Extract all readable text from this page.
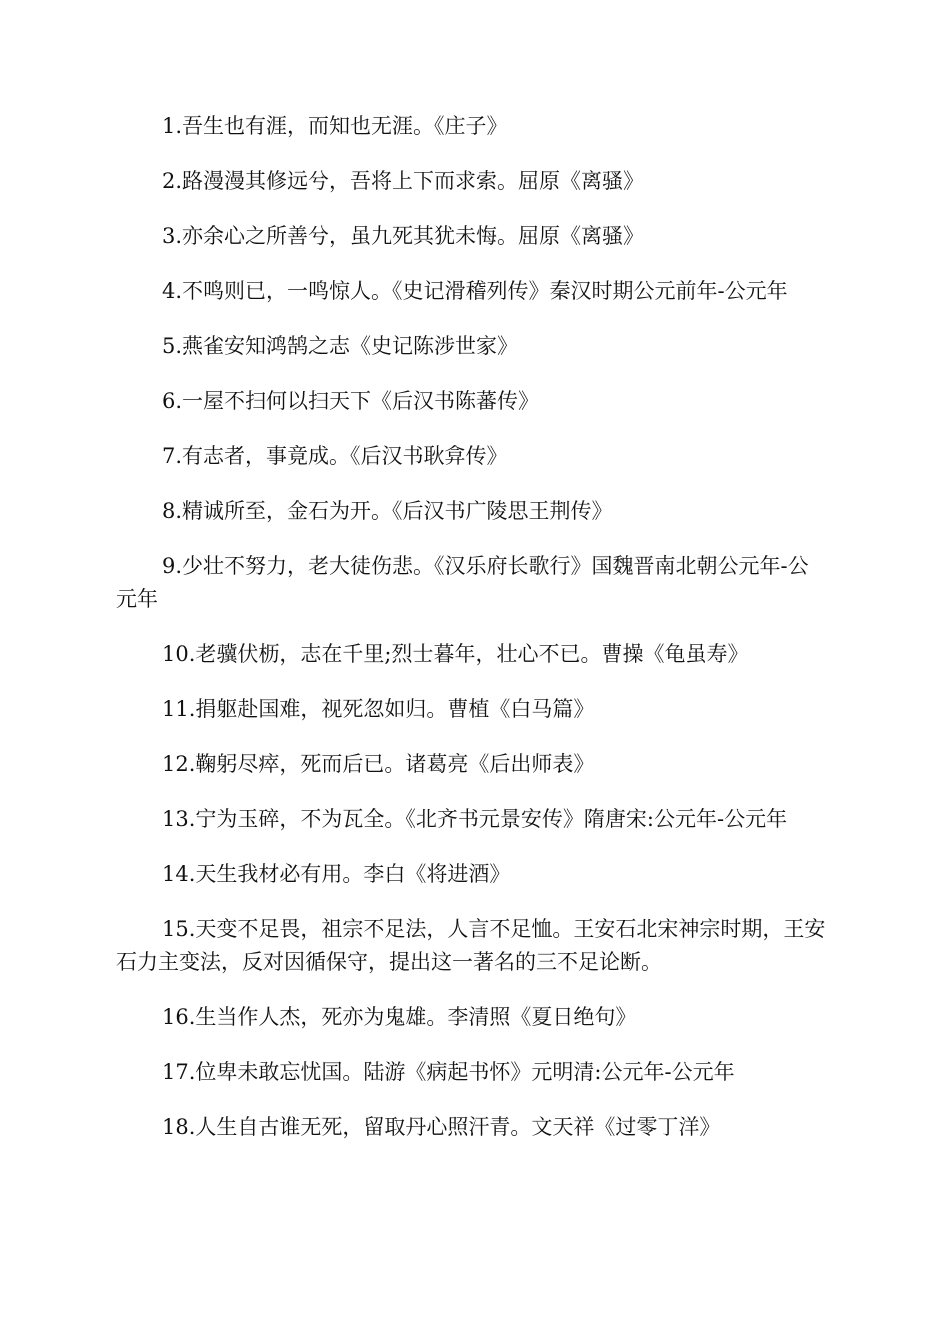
1.吾生也有涯，而知也无涯。《庄子》

2.路漫漫其修远兮，吾将上下而求索。屈原《离骚》

3.亦余心之所善兮，虽九死其犹未悔。屈原《离骚》

4.不鸣则已，一鸣惊人。《史记滑稽列传》秦汉时期公元前年-公元年

5.燕雀安知鸿鹄之志《史记陈涉世家》

6.一屋不扫何以扫天下《后汉书陈蕃传》

7.有志者，事竟成。《后汉书耿弇传》

8.精诚所至，金石为开。《后汉书广陵思王荆传》

9.少壮不努力，老大徒伤悲。《汉乐府长歌行》国魏晋南北朝公元年-公元年

10.老骥伏枥，志在千里;烈士暮年，壮心不已。曹操《龟虽寿》

11.捐躯赴国难，视死忽如归。曹植《白马篇》

12.鞠躬尽瘁，死而后已。诸葛亮《后出师表》

13.宁为玉碎，不为瓦全。《北齐书元景安传》隋唐宋:公元年-公元年

14.天生我材必有用。李白《将进酒》

15.天变不足畏，祖宗不足法，人言不足恤。王安石北宋神宗时期，王安石力主变法，反对因循保守，提出这一著名的三不足论断。

16.生当作人杰，死亦为鬼雄。李清照《夏日绝句》

17.位卑未敢忘忧国。陆游《病起书怀》元明清:公元年-公元年

18.人生自古谁无死，留取丹心照汗青。文天祥《过零丁洋》
